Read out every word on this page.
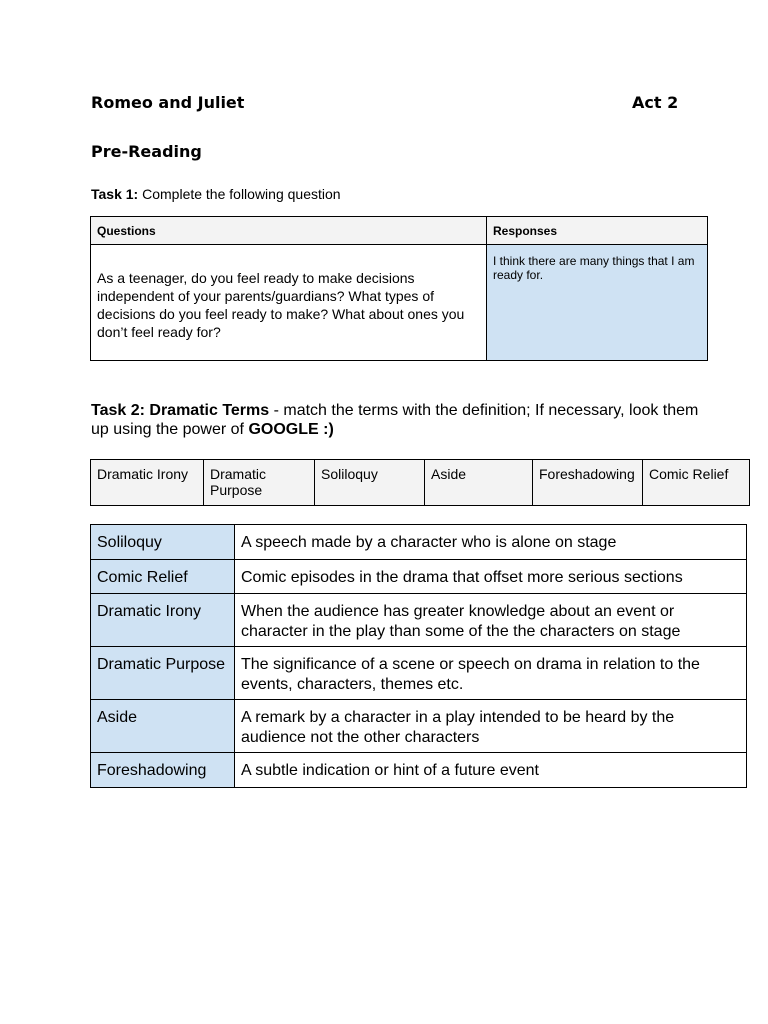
Romeo and Juliet	Act 2
Pre-Reading
Task 1: Complete the following question
Questions	Responses
As a teenager, do you feel ready to make decisions independent of your parents/guardians? What types of decisions do you feel ready to make? What about ones you don’t feel ready for?	I think there are many things that I am ready for.
Task 2: Dramatic Terms - match the terms with the definition; If necessary, look them up using the power of GOOGLE :)
Dramatic Irony	Dramatic Purpose	Soliloquy	Aside	Foreshadowing	Comic Relief
Soliloquy	A speech made by a character who is alone on stage
Comic Relief	Comic episodes in the drama that offset more serious sections
Dramatic Irony	When the audience has greater knowledge about an event or character in the play than some of the the characters on stage
Dramatic Purpose	The significance of a scene or speech on drama in relation to the events, characters, themes etc.
Aside	A remark by a character in a play intended to be heard by the audience not the other characters
Foreshadowing	A subtle indication or hint of a future event
